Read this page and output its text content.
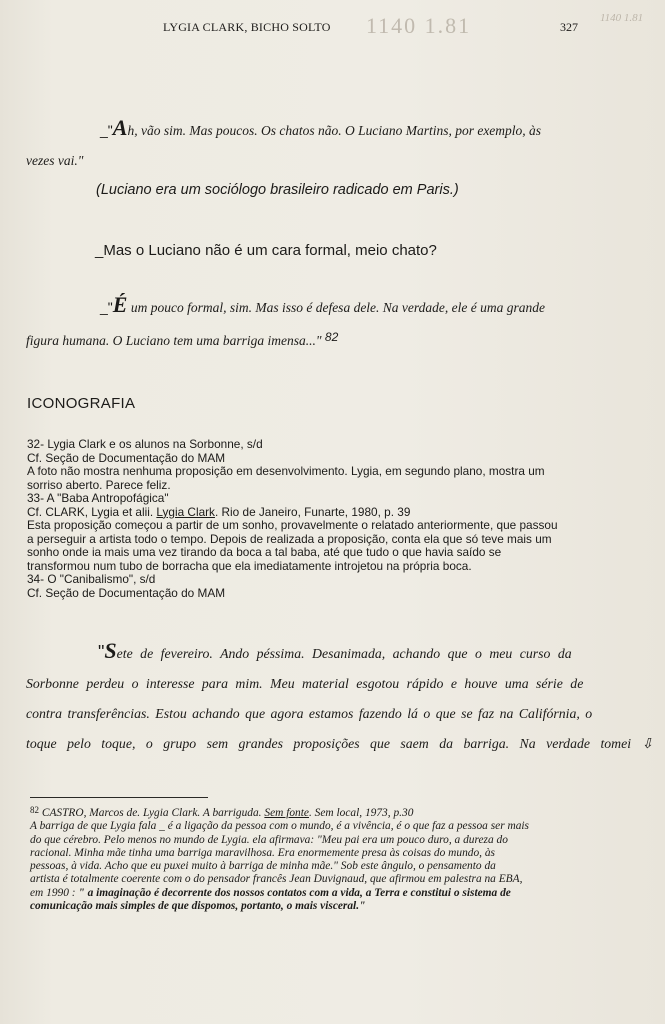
LYGIA CLARK, BICHO SOLTO 1140 1.81	327
1140 1.81
_"Ah, vão sim. Mas poucos. Os chatos não. O Luciano Martins, por exemplo, às
vezes vai."
(Luciano era um sociólogo brasileiro radicado em Paris.)
_Mas o Luciano não é um cara formal, meio chato?
_"É um pouco formal, sim. Mas isso é defesa dele. Na verdade, ele é uma grande
figura humana. O Luciano tem uma barriga imensa..." 82
ICONOGRAFIA

32- Lygia Clark e os alunos na Sorbonne, s/d

Cf. Seção de Documentação do MAM

A foto não mostra nenhuma proposição em desenvolvimento. Lygia, em segundo plano, mostra um

sorriso aberto. Parece feliz.

33- A "Baba Antropofágica"

Cf. CLARK, Lygia et alii. Lygia Clark. Rio de Janeiro, Funarte, 1980, p. 39

Esta proposição começou a partir de um sonho, provavelmente o relatado anteriormente, que passou

a perseguir a artista todo o tempo. Depois de realizada a proposição, conta ela que só teve mais um

sonho onde ia mais uma vez tirando da boca a tal baba, até que tudo o que havia saído se

transformou num tubo de borracha que ela imediatamente introjetou na própria boca.

34- O "Canibalismo", s/d

Cf. Seção de Documentação do MAM

"Sete de fevereiro. Ando péssima. Desanimada, achando que o meu curso da

Sorbonne perdeu o interesse para mim. Meu material esgotou rápido e houve uma série de

contra transferências. Estou achando que agora estamos fazendo lá o que se faz na Califórnia, o

toque pelo toque, o grupo sem grandes proposições que saem da barriga. Na verdade tomei ⇩

$^{82}$ CASTRO, Marcos de. Lygia Clark. A barriguda. Sem fonte. Sem local, 1973, p.30

A barriga de que Lygia fala _ é a ligação da pessoa com o mundo, é a vivência, é o que faz a pessoa ser mais

do que cérebro. Pelo menos no mundo de Lygia. ela afirmava: "Meu pai era um pouco duro, a dureza do

racional. Minha mãe tinha uma barriga maravilhosa. Era enormemente presa às coisas do mundo, às

pessoas, à vida. Acho que eu puxei muito à barriga de minha mãe." Sob este ângulo, o pensamento da

artista é totalmente coerente com o do pensador francês Jean Duvignaud, que afirmou em palestra na EBA,

em 1990 : " a imaginação é decorrente dos nossos contatos com a vida, a Terra e constitui o sistema de

comunicação mais simples de que dispomos, portanto, o mais visceral."
